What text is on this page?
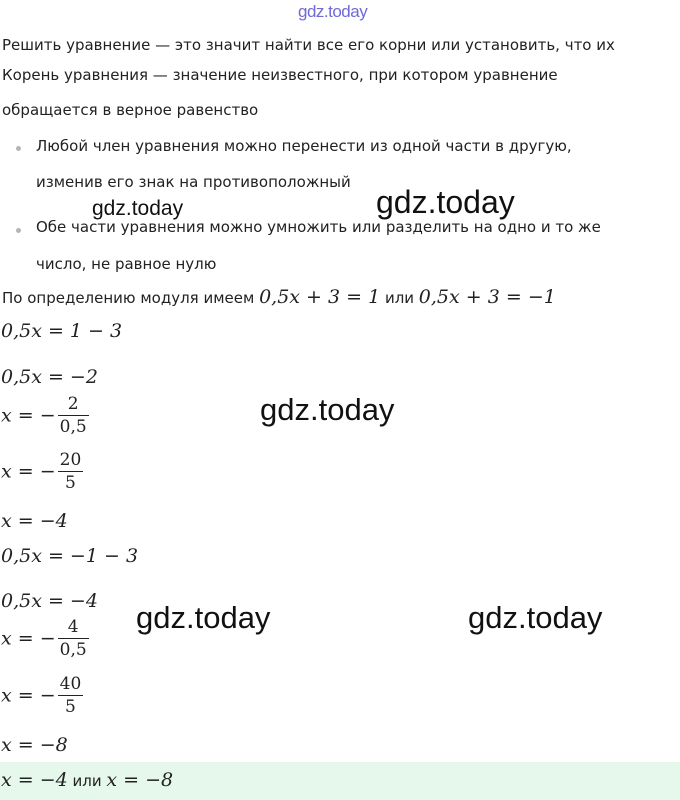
gdz.today
Решить уравнение — это значит найти все его корни или установить, что их
Корень уравнения — значение неизвестного, при котором уравнение
обращается в верное равенство
Любой член уравнения можно перенести из одной части в другую,
изменив его знак на противоположный
Обе части уравнения можно умножить или разделить на одно и то же
число, не равное нулю
По определению модуля имеем 0,5x + 3 = 1 или 0,5x + 3 = −1
0,5x = 1 − 3
0,5x = −2
x = − $\frac{2}{0,5}$
x = − $\frac{20}{5}$
x = −4
0,5x = −1 − 3
0,5x = −4
x = − $\frac{4}{0,5}$
x = − $\frac{40}{5}$
x = −8
x = −4 или x = −8
gdz.today	gdz.today
gdz.today
gdz.today	gdz.today
